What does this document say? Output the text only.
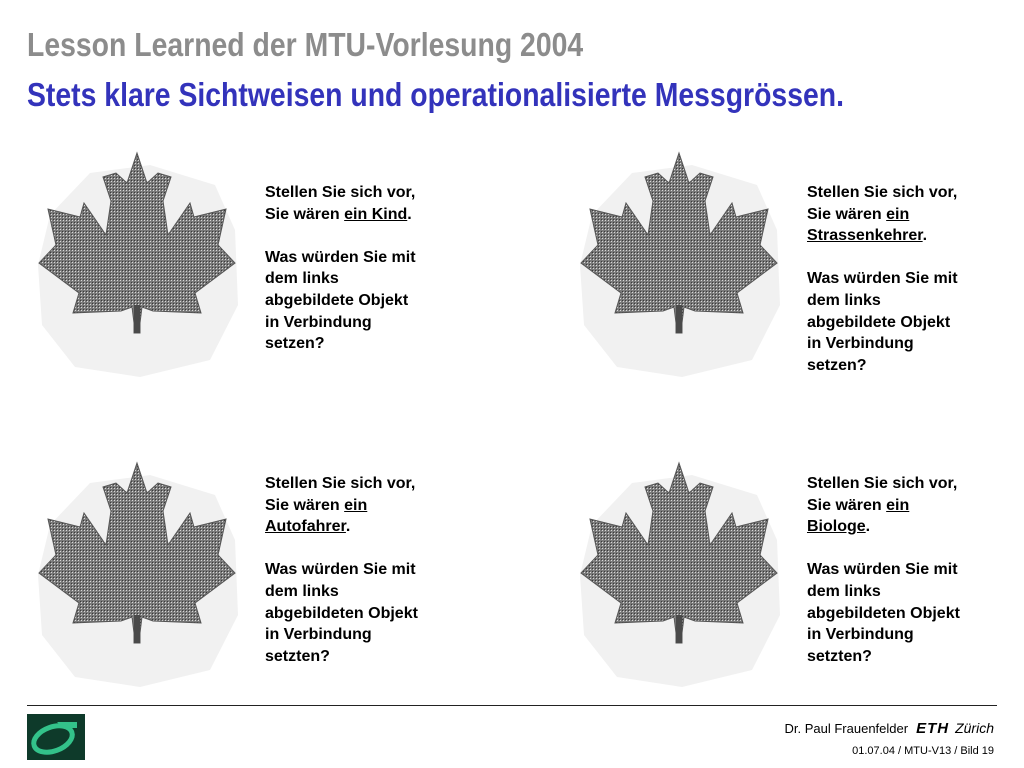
Lesson Learned der MTU-Vorlesung 2004
Stets klare Sichtweisen und operationalisierte Messgrössen.

Stellen Sie sich vor,

Sie wären ein Kind.

Was würden Sie mit

dem links

abgebildete Objekt

in Verbindung

setzen?

Stellen Sie sich vor,

Sie wären ein

Strassenkehrer.

Was würden Sie mit

dem links

abgebildete Objekt

in Verbindung

setzen?

Stellen Sie sich vor,

Sie wären ein

Autofahrer.

Was würden Sie mit

dem links

abgebildeten Objekt

in Verbindung

setzten?

Stellen Sie sich vor,

Sie wären ein

Biologe.

Was würden Sie mit

dem links

abgebildeten Objekt

in Verbindung

setzten?

Dr. Paul Frauenfelder ETH Zürich
01.07.04 / MTU-V13 / Bild 19
